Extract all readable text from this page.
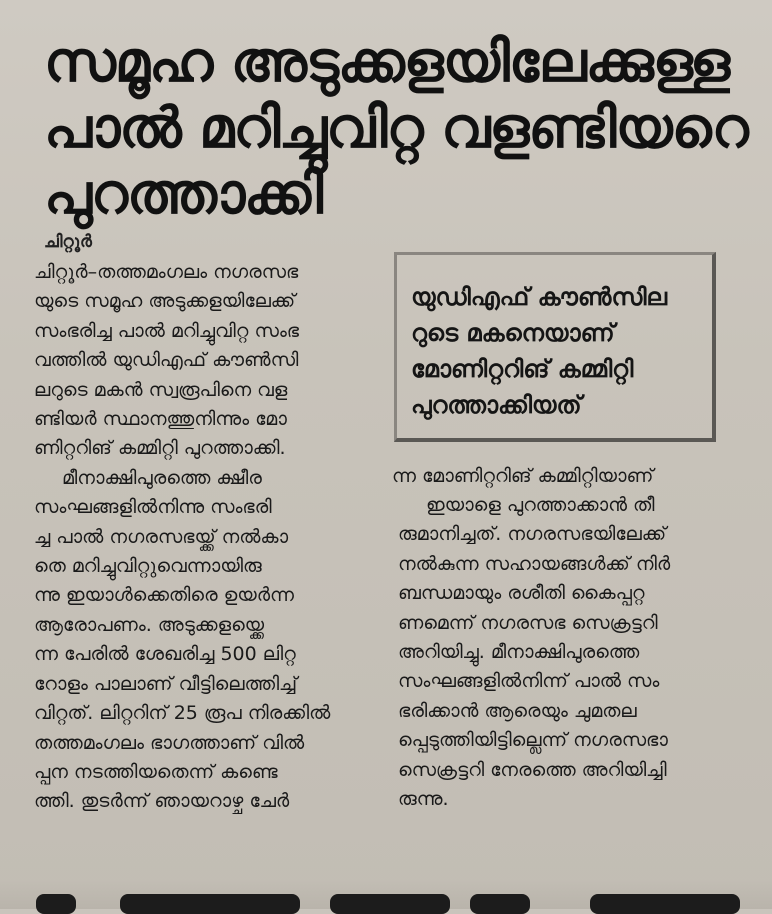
സമൂഹ അടുക്കളയിലേക്കുള്ള
പാൽ മറിച്ചുവിറ്റ വളണ്ടിയറെ
പുറത്താക്കി
ചിറ്റൂർ
ചിറ്റൂർ–തത്തമംഗലം നഗരസഭ
യുടെ സമൂഹ അടുക്കളയിലേക്ക്
സംഭരിച്ച പാൽ മറിച്ചുവിറ്റ സംഭ
വത്തിൽ യുഡിഎഫ് കൗൺസി
ലറുടെ മകൻ സ്വരൂപിനെ വള
ണ്ടിയർ സ്ഥാനത്തുനിന്നും മോ
ണിറ്ററിങ് കമ്മിറ്റി പുറത്താക്കി.
മീനാക്ഷിപുരത്തെ ക്ഷീര
സംഘങ്ങളിൽനിന്നു സംഭരി
ച്ച പാൽ നഗരസഭയ്ക്ക് നൽകാ
തെ മറിച്ചുവിറ്റുവെന്നായിരു
ന്നു ഇയാൾക്കെതിരെ ഉയർന്ന
ആരോപണം. അടുക്കളയ്ക്കെ
ന്ന പേരിൽ ശേഖരിച്ച 500 ലിറ്റ
റോളം പാലാണ് വീട്ടിലെത്തിച്ച്
വിറ്റത്. ലിറ്ററിന് 25 രൂപ നിരക്കിൽ
തത്തമംഗലം ഭാഗത്താണ് വിൽ
പ്പന നടത്തിയതെന്ന് കണ്ടെ
ത്തി. തുടർന്ന് ഞായറാഴ്ച ചേർ
യുഡിഎഫ് കൗൺസില
റുടെ മകനെയാണ്
മോണിറ്ററിങ് കമ്മിറ്റി
പുറത്താക്കിയത്
ന്ന മോണിറ്ററിങ് കമ്മിറ്റിയാണ്
ഇയാളെ പുറത്താക്കാൻ തീ
രുമാനിച്ചത്. നഗരസഭയിലേക്ക്
നൽകുന്ന സഹായങ്ങൾക്ക് നിർ
ബന്ധമായും രശീതി കൈപ്പറ്റ
ണമെന്ന് നഗരസഭ സെക്രട്ടറി
അറിയിച്ചു. മീനാക്ഷിപുരത്തെ
സംഘങ്ങളിൽനിന്ന് പാൽ സം
ഭരിക്കാൻ ആരെയും ചുമതല
പ്പെടുത്തിയിട്ടില്ലെന്ന് നഗരസഭാ
സെക്രട്ടറി നേരത്തെ അറിയിച്ചി
രുന്നു.
